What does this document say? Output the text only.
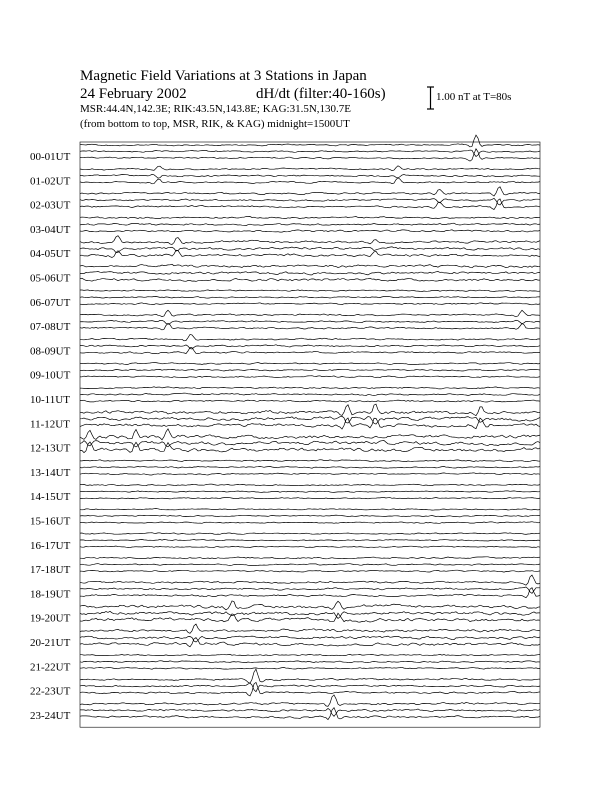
Magnetic Field Variations at 3 Stations in Japan
24 February 2002	dH/dt (filter:40-160s)
MSR:44.4N,142.3E; RIK:43.5N,143.8E; KAG:31.5N,130.7E
(from bottom to top, MSR, RIK, & KAG) midnight=1500UT
1.00 nT at T=80s
00-01UT
01-02UT
02-03UT
03-04UT
04-05UT
05-06UT
06-07UT
07-08UT
08-09UT
09-10UT
10-11UT
11-12UT
12-13UT
13-14UT
14-15UT
15-16UT
16-17UT
17-18UT
18-19UT
19-20UT
20-21UT
21-22UT
22-23UT
23-24UT
